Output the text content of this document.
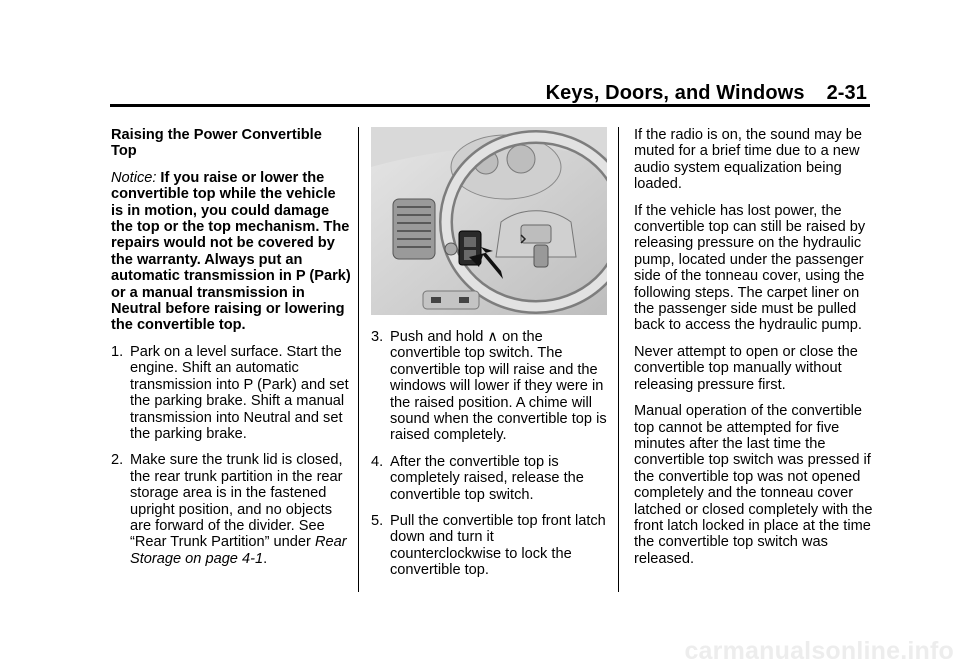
Keys, Doors, and Windows 2-31
Raising the Power Convertible Top
Notice: If you raise or lower the convertible top while the vehicle is in motion, you could damage the top or the top mechanism. The repairs would not be covered by the warranty. Always put an automatic transmission in P (Park) or a manual transmission in Neutral before raising or lowering the convertible top.
1. Park on a level surface. Start the engine. Shift an automatic transmission into P (Park) and set the parking brake. Shift a manual transmission into Neutral and set the parking brake.
2. Make sure the trunk lid is closed, the rear trunk partition in the rear storage area is in the fastened upright position, and no objects are forward of the divider. See “Rear Trunk Partition” under Rear Storage on page 4-1.
3. Push and hold ∧ on the convertible top switch. The convertible top will raise and the windows will lower if they were in the raised position. A chime will sound when the convertible top is raised completely.
4. After the convertible top is completely raised, release the convertible top switch.
5. Pull the convertible top front latch down and turn it counterclockwise to lock the convertible top.

If the radio is on, the sound may be muted for a brief time due to a new audio system equalization being loaded.

If the vehicle has lost power, the convertible top can still be raised by releasing pressure on the hydraulic pump, located under the passenger side of the tonneau cover, using the following steps. The carpet liner on the passenger side must be pulled back to access the hydraulic pump.

Never attempt to open or close the convertible top manually without releasing pressure first.

Manual operation of the convertible top cannot be attempted for five minutes after the last time the convertible top switch was pressed if the convertible top was not opened completely and the tonneau cover latched or closed completely with the front latch locked in place at the time the convertible top switch was released.

carmanualsonline.info
